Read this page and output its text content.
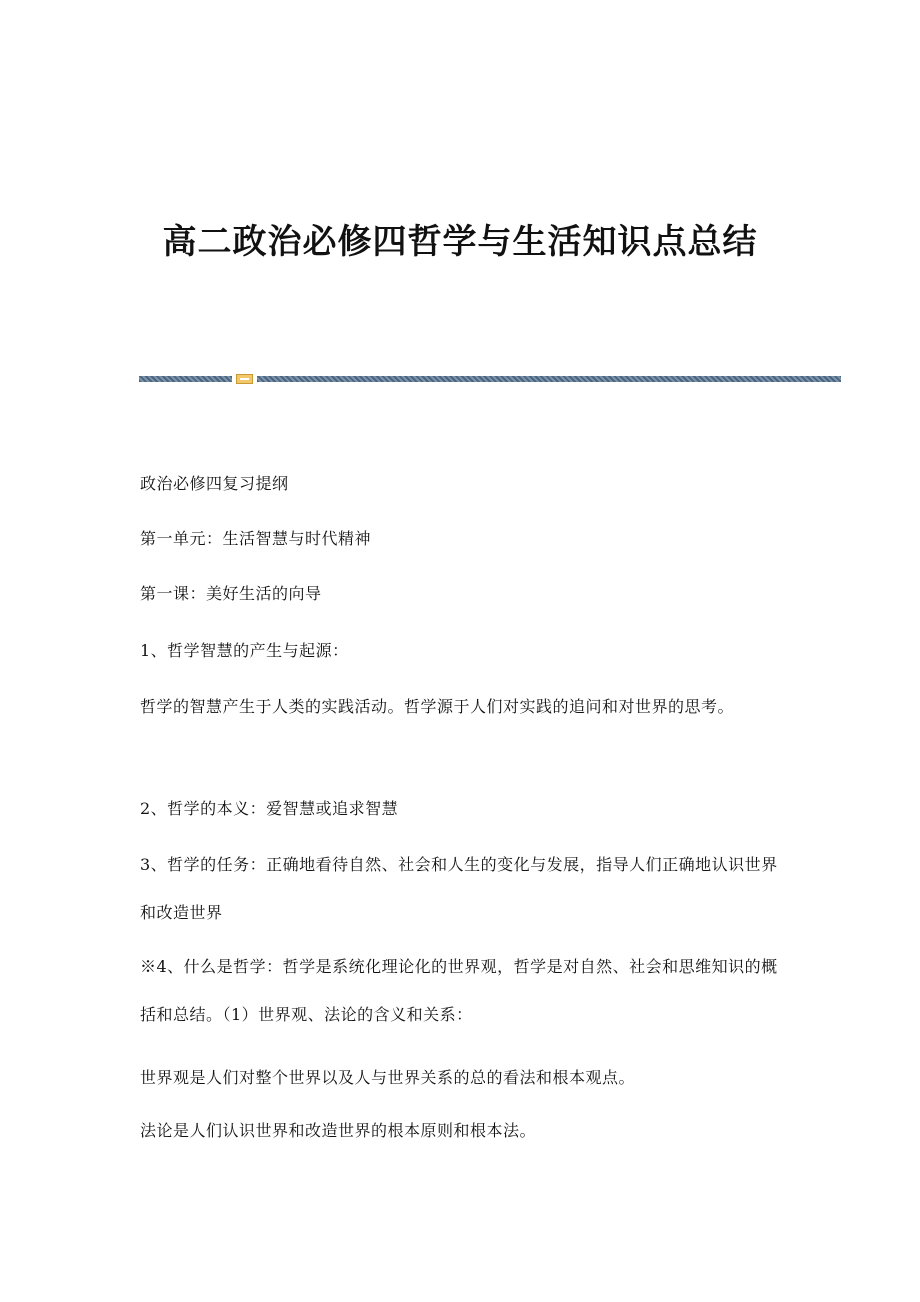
高二政治必修四哲学与生活知识点总结
政治必修四复习提纲
第一单元：生活智慧与时代精神
第一课：美好生活的向导
1、哲学智慧的产生与起源：
哲学的智慧产生于人类的实践活动。哲学源于人们对实践的追问和对世界的思考。
2、哲学的本义：爱智慧或追求智慧
3、哲学的任务：正确地看待自然、社会和人生的变化与发展，指导人们正确地认识世界和改造世界
※4、什么是哲学：哲学是系统化理论化的世界观，哲学是对自然、社会和思维知识的概括和总结。（1）世界观、法论的含义和关系：
世界观是人们对整个世界以及人与世界关系的总的看法和根本观点。
法论是人们认识世界和改造世界的根本原则和根本法。
